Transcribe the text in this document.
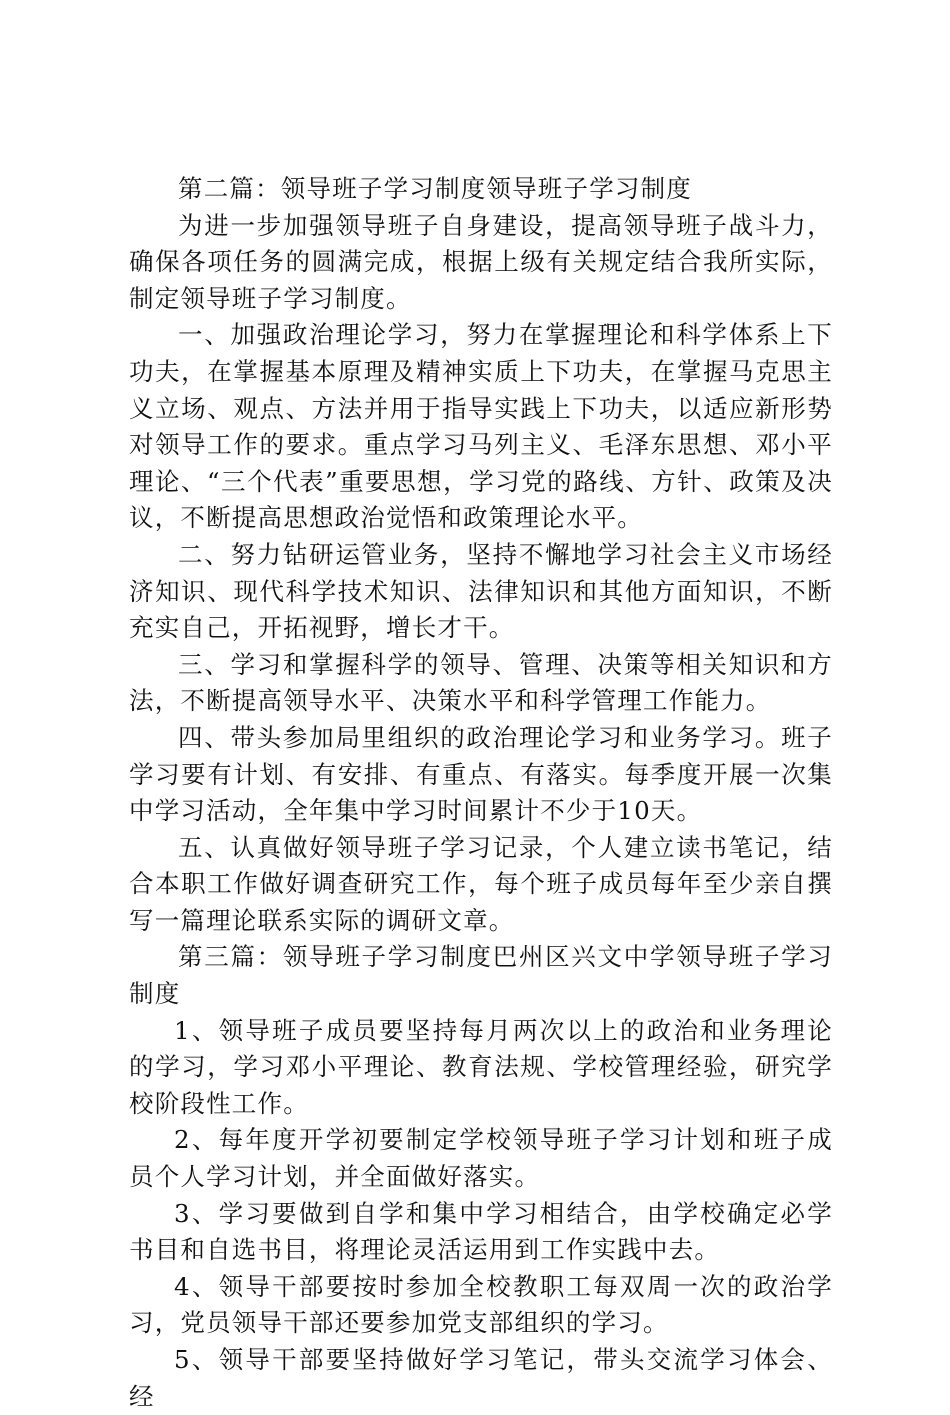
第二篇：领导班子学习制度领导班子学习制度

为进一步加强领导班子自身建设，提高领导班子战斗力，确保各项任务的圆满完成，根据上级有关规定结合我所实际，制定领导班子学习制度。

一、加强政治理论学习，努力在掌握理论和科学体系上下功夫，在掌握基本原理及精神实质上下功夫，在掌握马克思主义立场、观点、方法并用于指导实践上下功夫，以适应新形势对领导工作的要求。重点学习马列主义、毛泽东思想、邓小平理论、“三个代表”重要思想，学习党的路线、方针、政策及决议，不断提高思想政治觉悟和政策理论水平。

二、努力钻研运管业务，坚持不懈地学习社会主义市场经济知识、现代科学技术知识、法律知识和其他方面知识，不断充实自己，开拓视野，增长才干。

三、学习和掌握科学的领导、管理、决策等相关知识和方法，不断提高领导水平、决策水平和科学管理工作能力。

四、带头参加局里组织的政治理论学习和业务学习。班子学习要有计划、有安排、有重点、有落实。每季度开展一次集中学习活动，全年集中学习时间累计不少于10天。

五、认真做好领导班子学习记录，个人建立读书笔记，结合本职工作做好调查研究工作，每个班子成员每年至少亲自撰写一篇理论联系实际的调研文章。

第三篇：领导班子学习制度巴州区兴文中学领导班子学习制度

1、领导班子成员要坚持每月两次以上的政治和业务理论的学习，学习邓小平理论、教育法规、学校管理经验，研究学校阶段性工作。

2、每年度开学初要制定学校领导班子学习计划和班子成员个人学习计划，并全面做好落实。

3、学习要做到自学和集中学习相结合，由学校确定必学书目和自选书目，将理论灵活运用到工作实践中去。

4、领导干部要按时参加全校教职工每双周一次的政治学习，党员领导干部还要参加党支部组织的学习。

5、领导干部要坚持做好学习笔记，带头交流学习体会、经
